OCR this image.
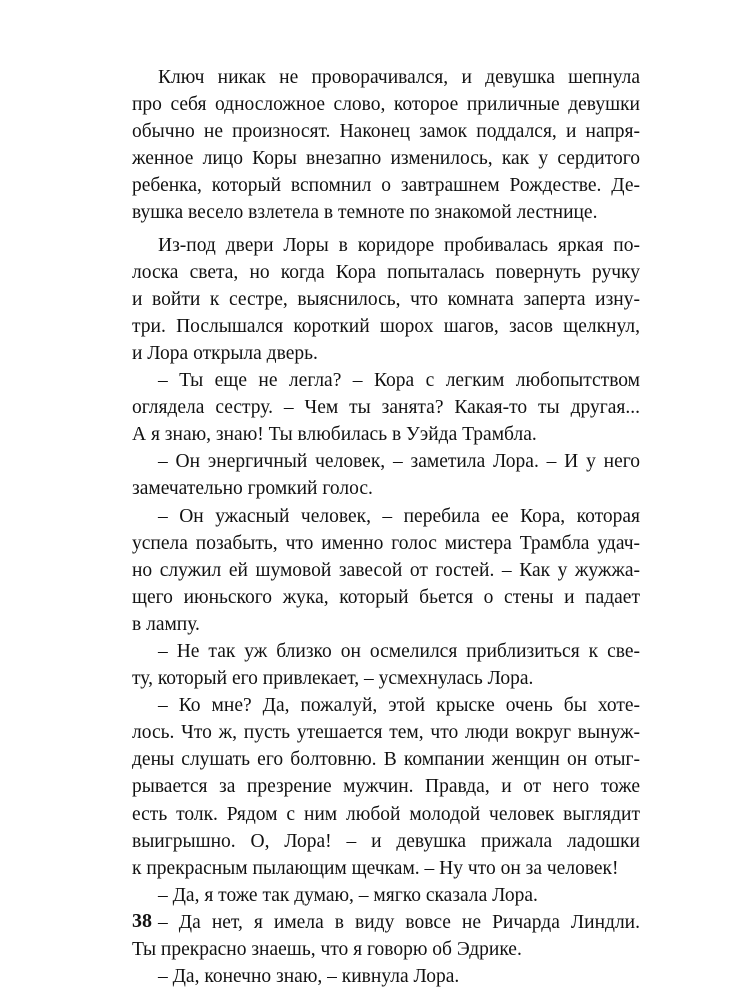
Ключ никак не проворачивался, и девушка шепнула
про себя односложное слово, которое приличные девушки
обычно не произносят. Наконец замок поддался, и напря-
женное лицо Коры внезапно изменилось, как у сердитого
ребенка, который вспомнил о завтрашнем Рождестве. Де-
вушка весело взлетела в темноте по знакомой лестнице.
Из-под двери Лоры в коридоре пробивалась яркая по-
лоска света, но когда Кора попыталась повернуть ручку
и войти к сестре, выяснилось, что комната заперта изну-
три. Послышался короткий шорох шагов, засов щелкнул,
и Лора открыла дверь.
– Ты еще не легла? – Кора с легким любопытством
оглядела сестру. – Чем ты занята? Какая-то ты другая...
А я знаю, знаю! Ты влюбилась в Уэйда Трамбла.
– Он энергичный человек, – заметила Лора. – И у него
замечательно громкий голос.
– Он ужасный человек, – перебила ее Кора, которая
успела позабыть, что именно голос мистера Трамбла удач-
но служил ей шумовой завесой от гостей. – Как у жужжа-
щего июньского жука, который бьется о стены и падает
в лампу.
– Не так уж близко он осмелился приблизиться к све-
ту, который его привлекает, – усмехнулась Лора.
– Ко мне? Да, пожалуй, этой крыске очень бы хоте-
лось. Что ж, пусть утешается тем, что люди вокруг вынуж-
дены слушать его болтовню. В компании женщин он отыг-
рывается за презрение мужчин. Правда, и от него тоже
есть толк. Рядом с ним любой молодой человек выглядит
выигрышно. О, Лора! – и девушка прижала ладошки
к прекрасным пылающим щечкам. – Ну что он за человек!
– Да, я тоже так думаю, – мягко сказала Лора.
– Да нет, я имела в виду вовсе не Ричарда Линдли.
Ты прекрасно знаешь, что я говорю об Эдрике.
– Да, конечно знаю, – кивнула Лора.
38
